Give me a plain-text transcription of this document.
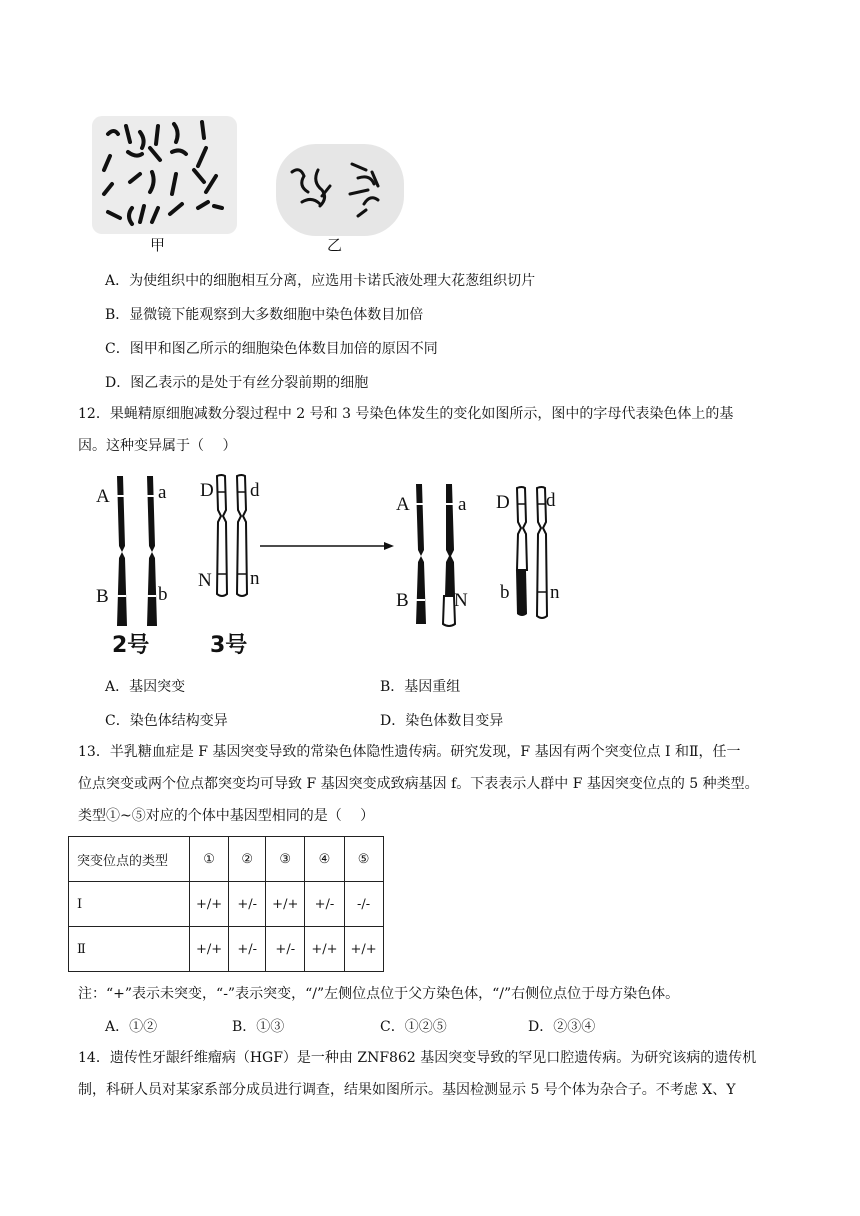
甲	乙
A．为使组织中的细胞相互分离，应选用卡诺氏液处理大花葱组织切片
B．显微镜下能观察到大多数细胞中染色体数目加倍
C．图甲和图乙所示的细胞染色体数目加倍的原因不同
D．图乙表示的是处于有丝分裂前期的细胞
12．果蝇精原细胞减数分裂过程中 2 号和 3 号染色体发生的变化如图所示，图中的字母代表染色体上的基
因。这种变异属于（　 ）
A	a
B	b
D d
N n
2号	3号
A	a
B N
D d
b n
A．基因突变	B．基因重组
C．染色体结构变异	D．染色体数目变异
13．半乳糖血症是 F 基因突变导致的常染色体隐性遗传病。研究发现，F 基因有两个突变位点 I 和Ⅱ，任一
位点突变或两个位点都突变均可导致 F 基因突变成致病基因 f。下表表示人群中 F 基因突变位点的 5 种类型。
类型①~⑤对应的个体中基因型相同的是（　 ）
突变位点的类型	①	②	③	④	⑤
Ⅰ	+/+	+/-	+/+	+/-	-/-
Ⅱ	+/+	+/-	+/-	+/+	+/+
注：“+”表示未突变，“-”表示突变，“/”左侧位点位于父方染色体，“/”右侧位点位于母方染色体。
A．①②	B．①③	C．①②⑤	D．②③④
14．遗传性牙龈纤维瘤病（HGF）是一种由 ZNF862 基因突变导致的罕见口腔遗传病。为研究该病的遗传机
制，科研人员对某家系部分成员进行调查，结果如图所示。基因检测显示 5 号个体为杂合子。不考虑 X、Y
